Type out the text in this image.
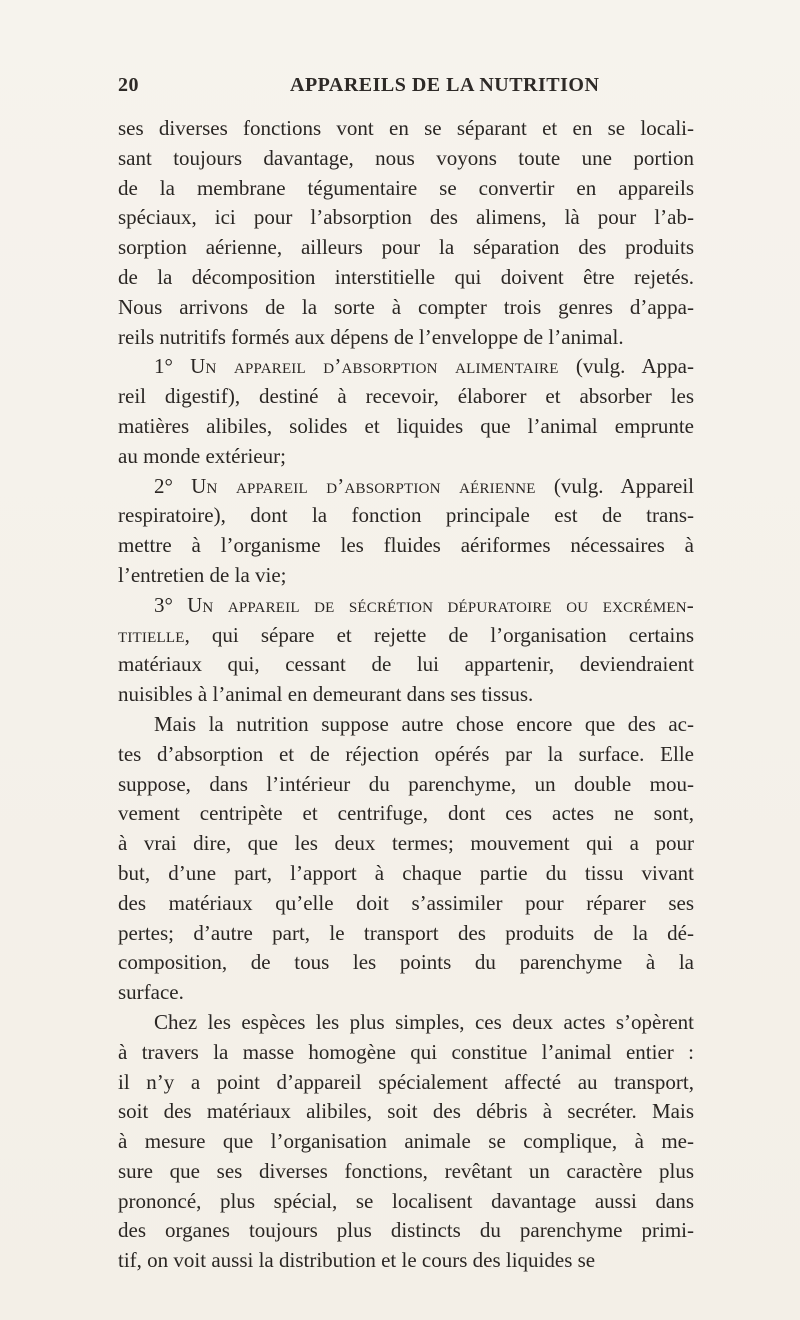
20	APPAREILS DE LA NUTRITION
ses diverses fonctions vont en se séparant et en se locali-
sant toujours davantage, nous voyons toute une portion
de la membrane tégumentaire se convertir en appareils
spéciaux, ici pour l’absorption des alimens, là pour l’ab-
sorption aérienne, ailleurs pour la séparation des produits
de la décomposition interstitielle qui doivent être rejetés.
Nous arrivons de la sorte à compter trois genres d’appa-
reils nutritifs formés aux dépens de l’enveloppe de l’animal.
1° Un appareil d’absorption alimentaire (vulg. Appa-
reil digestif), destiné à recevoir, élaborer et absorber les
matières alibiles, solides et liquides que l’animal emprunte
au monde extérieur;
2° Un appareil d’absorption aérienne (vulg. Appareil
respiratoire), dont la fonction principale est de trans-
mettre à l’organisme les fluides aériformes nécessaires à
l’entretien de la vie;
3° Un appareil de sécrétion dépuratoire ou excrémen-
titielle, qui sépare et rejette de l’organisation certains
matériaux qui, cessant de lui appartenir, deviendraient
nuisibles à l’animal en demeurant dans ses tissus.
Mais la nutrition suppose autre chose encore que des ac-
tes d’absorption et de réjection opérés par la surface. Elle
suppose, dans l’intérieur du parenchyme, un double mou-
vement centripète et centrifuge, dont ces actes ne sont,
à vrai dire, que les deux termes; mouvement qui a pour
but, d’une part, l’apport à chaque partie du tissu vivant
des matériaux qu’elle doit s’assimiler pour réparer ses
pertes; d’autre part, le transport des produits de la dé-
composition, de tous les points du parenchyme à la
surface.
Chez les espèces les plus simples, ces deux actes s’opèrent
à travers la masse homogène qui constitue l’animal entier :
il n’y a point d’appareil spécialement affecté au transport,
soit des matériaux alibiles, soit des débris à secréter. Mais
à mesure que l’organisation animale se complique, à me-
sure que ses diverses fonctions, revêtant un caractère plus
prononcé, plus spécial, se localisent davantage aussi dans
des organes toujours plus distincts du parenchyme primi-
tif, on voit aussi la distribution et le cours des liquides se
